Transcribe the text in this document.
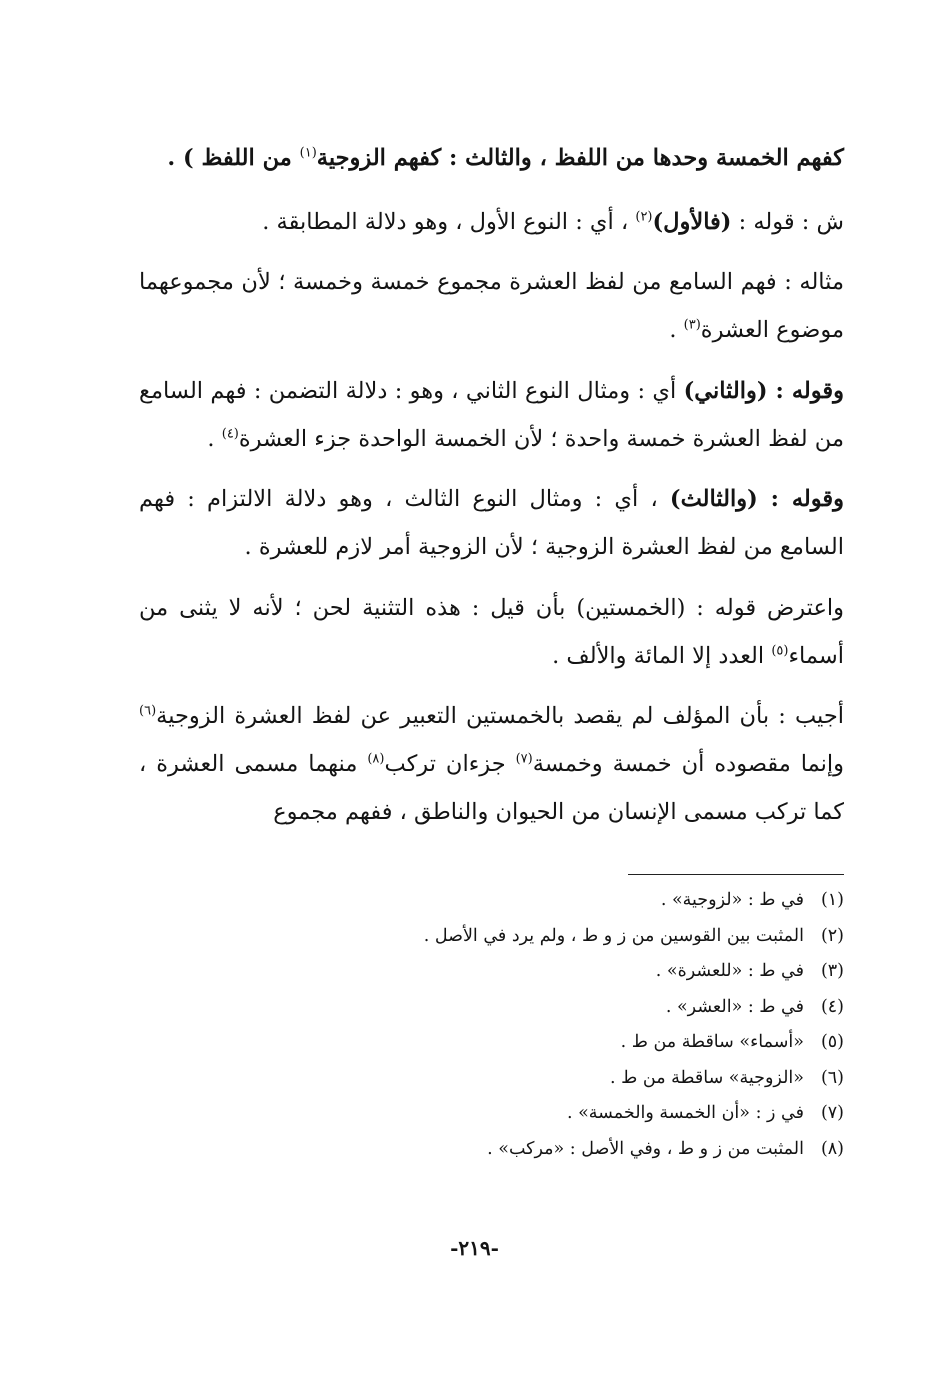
كفهم الخمسة وحدها من اللفظ ، والثالث : كفهم الزوجية$^{(١)}$ من اللفظ ) .

ش : قوله : (فالأول)$^{(٢)}$ ، أي : النوع الأول ، وهو دلالة المطابقة .

مثاله : فهم السامع من لفظ العشرة مجموع خمسة وخمسة ؛ لأن مجموعهما موضوع العشرة$^{(٣)}$ .

وقوله : (والثاني) أي : ومثال النوع الثاني ، وهو : دلالة التضمن : فهم السامع من لفظ العشرة خمسة واحدة ؛ لأن الخمسة الواحدة جزء العشرة$^{(٤)}$ .

وقوله : (والثالث) ، أي : ومثال النوع الثالث ، وهو دلالة الالتزام : فهم السامع من لفظ العشرة الزوجية ؛ لأن الزوجية أمر لازم للعشرة .

واعترض قوله : (الخمستين) بأن قيل : هذه التثنية لحن ؛ لأنه لا يثنى من أسماء$^{(٥)}$ العدد إلا المائة والألف .

أجيب : بأن المؤلف لم يقصد بالخمستين التعبير عن لفظ العشرة الزوجية$^{(٦)}$ وإنما مقصوده أن خمسة وخمسة$^{(٧)}$ جزءان تركب$^{(٨)}$ منهما مسمى العشرة ، كما تركب مسمى الإنسان من الحيوان والناطق ، ففهم مجموع

(١)في ط : «لزوجية» .
(٢)المثبت بين القوسين من ز و ط ، ولم يرد في الأصل .
(٣)في ط : «للعشرة» .
(٤)في ط : «العشر» .
(٥)«أسماء» ساقطة من ط .
(٦)«الزوجية» ساقطة من ط .
(٧)في ز : «أن الخمسة والخمسة» .
(٨)المثبت من ز و ط ، وفي الأصل : «مركب» .
-٢١٩-
